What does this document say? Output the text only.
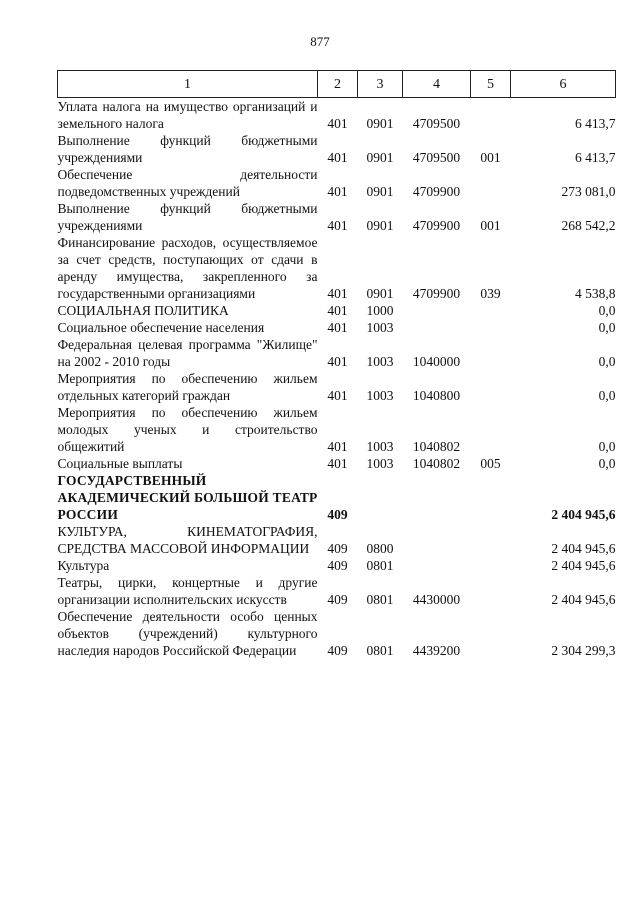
877
1	2	3	4	5	6
Уплата налога на имущество организаций и земельного налога	401	0901	4709500		6 413,7
Выполнение функций бюджетными учреждениями	401	0901	4709500	001	6 413,7
Обеспечение деятельности подведомственных учреждений	401	0901	4709900		273 081,0
Выполнение функций бюджетными учреждениями	401	0901	4709900	001	268 542,2
Финансирование расходов, осуществляемое за счет средств, поступающих от сдачи в аренду имущества, закрепленного за государственными организациями	401	0901	4709900	039	4 538,8
СОЦИАЛЬНАЯ ПОЛИТИКА	401	1000			0,0
Социальное обеспечение населения	401	1003			0,0
Федеральная целевая программа "Жилище" на 2002 - 2010 годы	401	1003	1040000		0,0
Мероприятия по обеспечению жильем отдельных категорий граждан	401	1003	1040800		0,0
Мероприятия по обеспечению жильем молодых ученых и строительство общежитий	401	1003	1040802		0,0
Социальные выплаты	401	1003	1040802	005	0,0
ГОСУДАРСТВЕННЫЙ АКАДЕМИЧЕСКИЙ БОЛЬШОЙ ТЕАТР РОССИИ	409				2 404 945,6
КУЛЬТУРА, КИНЕМАТОГРАФИЯ, СРЕДСТВА МАССОВОЙ ИНФОРМАЦИИ	409	0800			2 404 945,6
Культура	409	0801			2 404 945,6
Театры, цирки, концертные и другие организации исполнительских искусств	409	0801	4430000		2 404 945,6
Обеспечение деятельности особо ценных объектов (учреждений) культурного наследия народов Российской Федерации	409	0801	4439200		2 304 299,3
